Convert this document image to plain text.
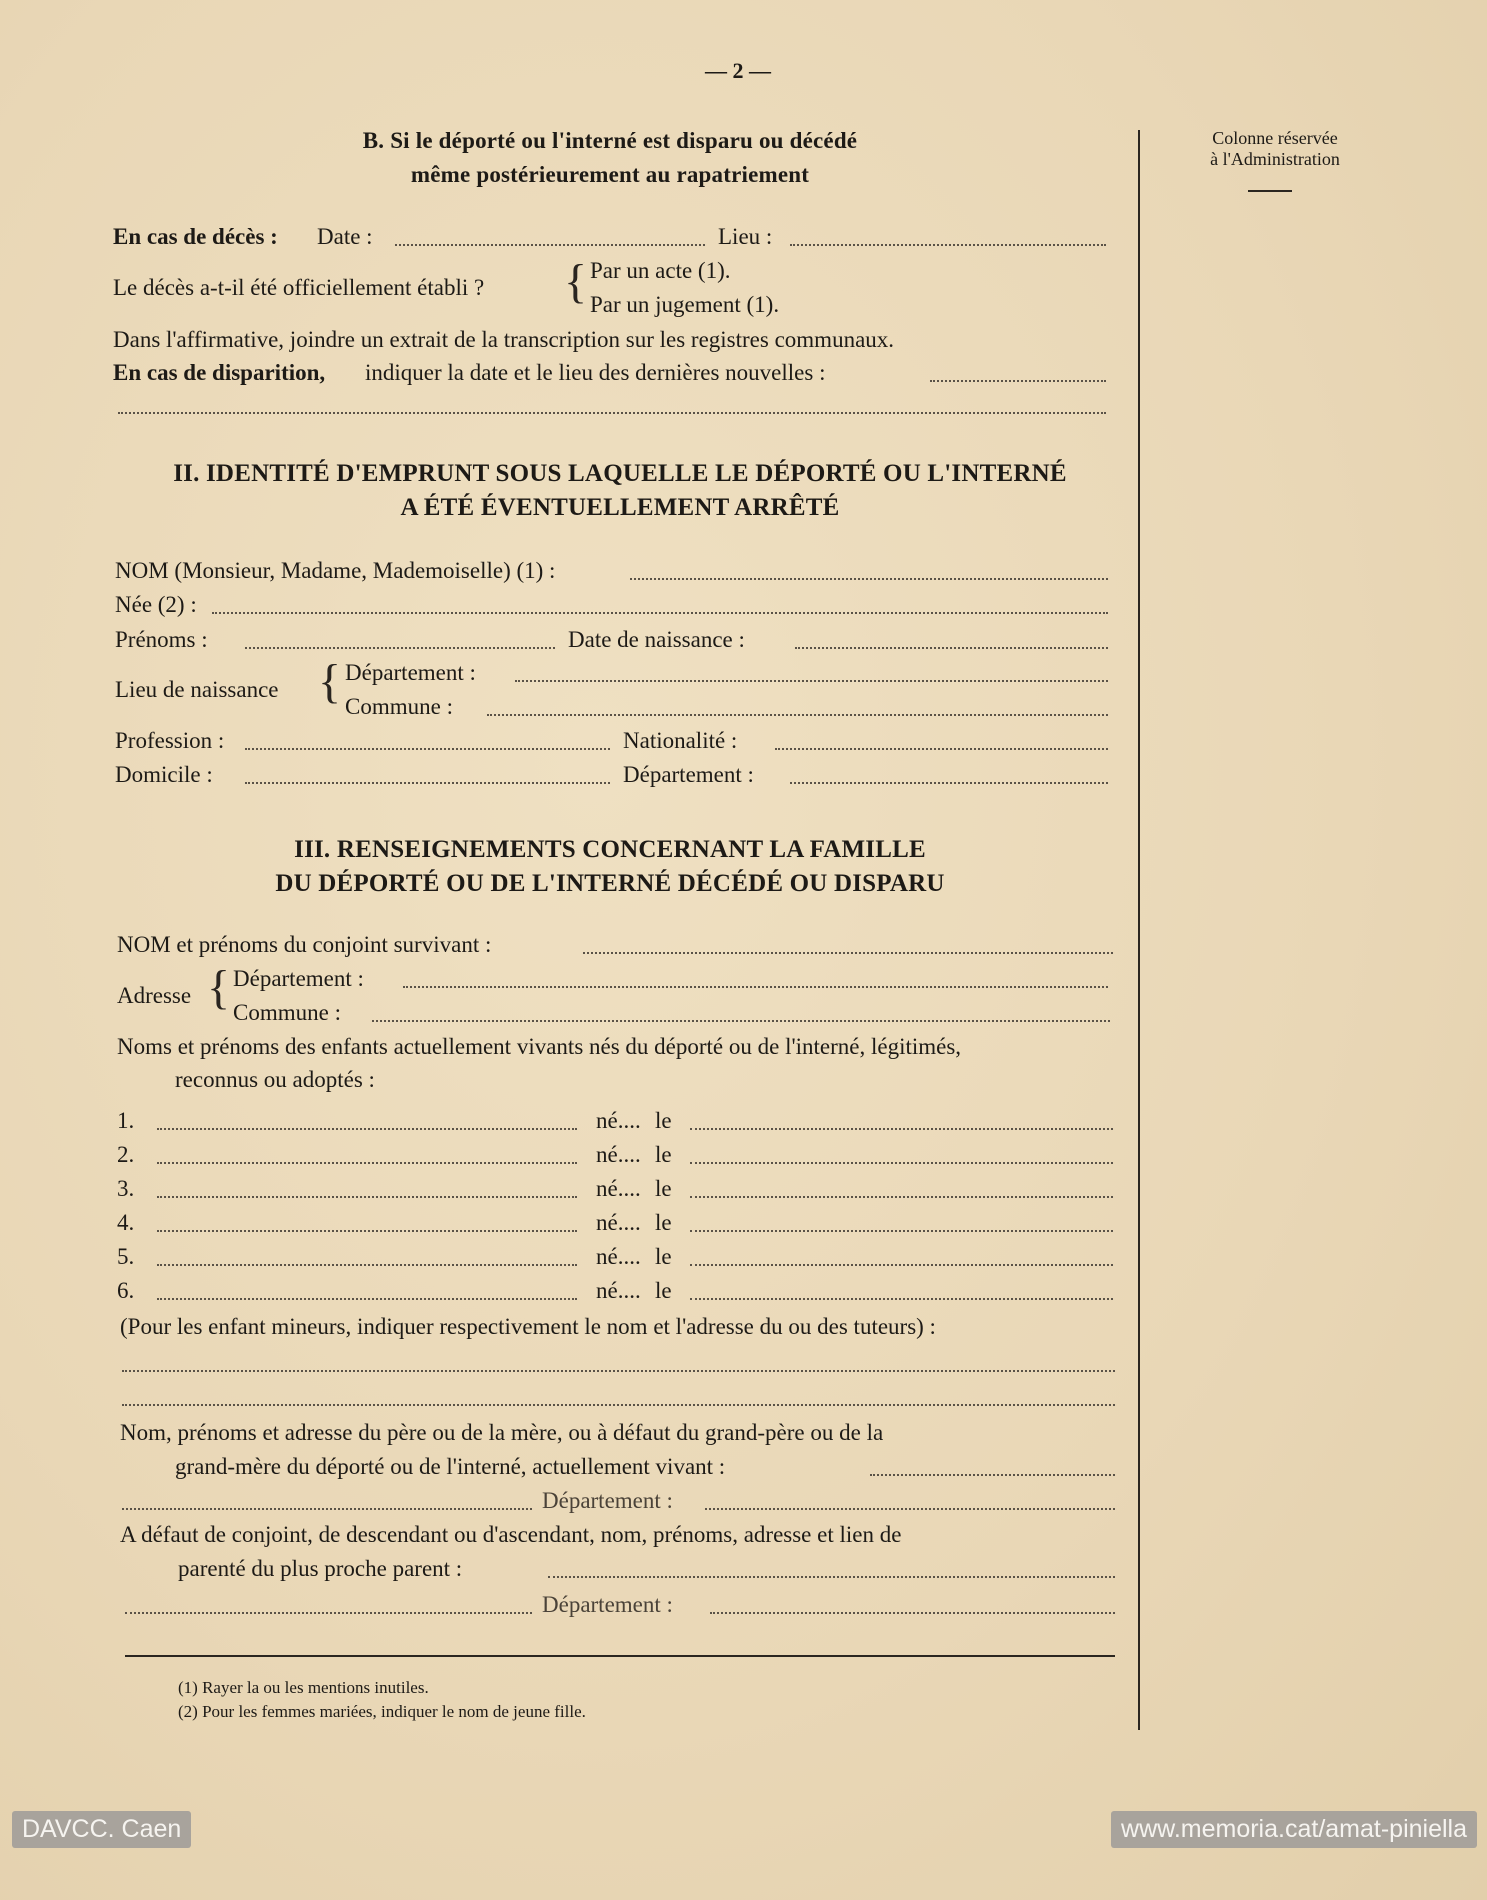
— 2 —
Colonne réservée
à l'Administration
B. Si le déporté ou l'interné est disparu ou décédé
même postérieurement au rapatriement
En cas de décès : Date :	Lieu :
Le décès a-t-il été officiellement établi ? { Par un acte (1).
Par un jugement (1).
Dans l'affirmative, joindre un extrait de la transcription sur les registres communaux.
En cas de disparition, indiquer la date et le lieu des dernières nouvelles :
II. IDENTITÉ D'EMPRUNT SOUS LAQUELLE LE DÉPORTÉ OU L'INTERNÉ
A ÉTÉ ÉVENTUELLEMENT ARRÊTÉ
NOM (Monsieur, Madame, Mademoiselle) (1) :
Née (2) :
Prénoms :	Date de naissance :
Lieu de naissance { Département :
Commune :
Profession :	Nationalité :
Domicile :	Département :
III. RENSEIGNEMENTS CONCERNANT LA FAMILLE
DU DÉPORTÉ OU DE L'INTERNÉ DÉCÉDÉ OU DISPARU
NOM et prénoms du conjoint survivant :
Adresse { Département :
Commune :
Noms et prénoms des enfants actuellement vivants nés du déporté ou de l'interné, légitimés,
reconnus ou adoptés :
1.	né.... le
2.	né.... le
3.	né.... le
4.	né.... le
5.	né.... le
6.	né.... le
(Pour les enfant mineurs, indiquer respectivement le nom et l'adresse du ou des tuteurs) :
Nom, prénoms et adresse du père ou de la mère, ou à défaut du grand-père ou de la
grand-mère du déporté ou de l'interné, actuellement vivant :
Département :
A défaut de conjoint, de descendant ou d'ascendant, nom, prénoms, adresse et lien de
parenté du plus proche parent :
Département :
(1) Rayer la ou les mentions inutiles.
(2) Pour les femmes mariées, indiquer le nom de jeune fille.
DAVCC. Caen	www.memoria.cat/amat-piniella
